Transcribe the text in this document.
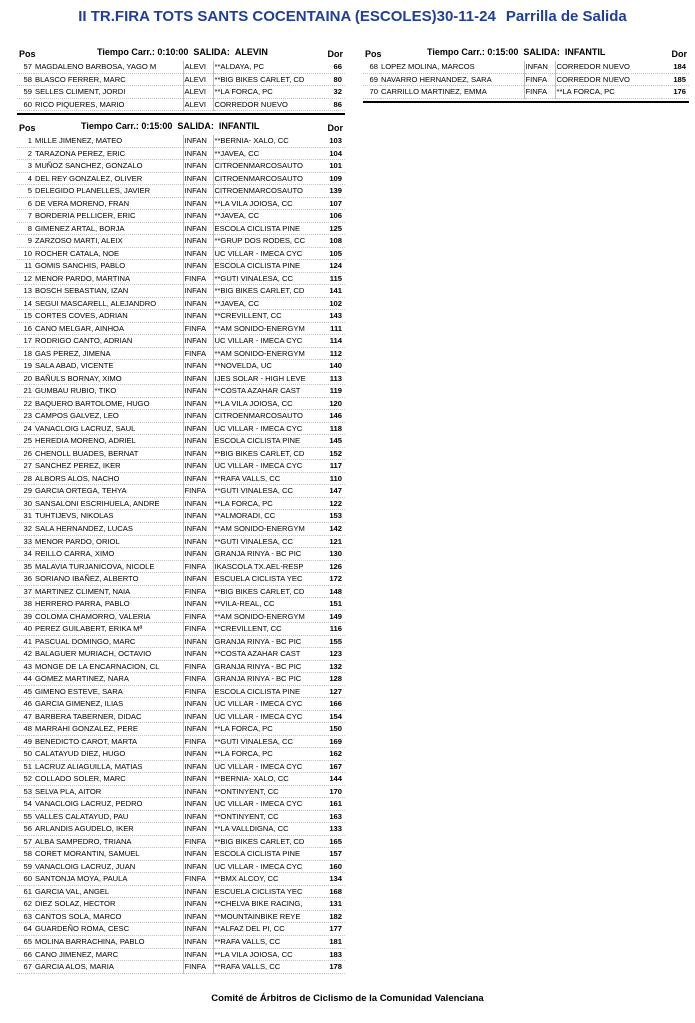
II TR.FIRA TOTS SANTS COCENTAINA (ESCOLES)30-11-24 Parrilla de Salida
Pos	Tiempo Carr.: 0:10:00 SALIDA: ALEVIN	Dor
57	MAGDALENO BARBOSA, YAGO M	ALEVI	**ALDAYA, PC	66
58	BLASCO FERRER, MARC	ALEVI	**BIG BIKES CARLET, CD	80
59	SELLES CLIMENT, JORDI	ALEVI	**LA FORCA, PC	32
60	RICO PIQUERES, MARIO	ALEVI	CORREDOR NUEVO	86
Pos	Tiempo Carr.: 0:15:00 SALIDA: INFANTIL	Dor
68	LOPEZ MOLINA, MARCOS	INFAN	CORREDOR NUEVO	184
69	NAVARRO HERNANDEZ, SARA	FINFA	CORREDOR NUEVO	185
70	CARRILLO MARTINEZ, EMMA	FINFA	**LA FORCA, PC	176
Pos	Tiempo Carr.: 0:15:00 SALIDA: INFANTIL	Dor
1	MILLE JIMENEZ, MATEO	INFAN	**BERNIA- XALO, CC	103
2	TARAZONA PEREZ, ERIC	INFAN	**JAVEA, CC	104
3	MUÑOZ SANCHEZ, GONZALO	INFAN	CITROENMARCOSAUTO	101
4	DEL REY GONZALEZ, OLIVER	INFAN	CITROENMARCOSAUTO	109
5	DELEGIDO PLANELLES, JAVIER	INFAN	CITROENMARCOSAUTO	139
6	DE VERA MORENO, FRAN	INFAN	**LA VILA JOIOSA, CC	107
7	BORDERIA PELLICER, ERIC	INFAN	**JAVEA, CC	106
8	GIMENEZ ARTAL, BORJA	INFAN	ESCOLA CICLISTA PINE	125
9	ZARZOSO MARTI, ALEIX	INFAN	**GRUP DOS RODES, CC	108
10	ROCHER CATALA, NOE	INFAN	UC VILLAR - IMECA CYC	105
11	GOMIS SANCHIS, PABLO	INFAN	ESCOLA CICLISTA PINE	124
12	MENOR PARDO, MARTINA	FINFA	**GUTI VINALESA, CC	115
13	BOSCH SEBASTIAN, IZAN	INFAN	**BIG BIKES CARLET, CD	141
14	SEGUI MASCARELL, ALEJANDRO	INFAN	**JAVEA, CC	102
15	CORTES COVES, ADRIAN	INFAN	**CREVILLENT, CC	143
16	CANO MELGAR, AINHOA	FINFA	**AM SONIDO-ENERGYM	111
17	RODRIGO CANTO, ADRIAN	INFAN	UC VILLAR - IMECA CYC	114
18	GAS PEREZ, JIMENA	FINFA	**AM SONIDO-ENERGYM	112
19	SALA ABAD, VICENTE	INFAN	**NOVELDA, UC	140
20	BAÑULS BORNAY, XIMO	INFAN	IJES SOLAR - HIGH LEVE	113
21	GUMBAU RUBIO, TIKO	INFAN	**COSTA AZAHAR CAST	119
22	BAQUERO BARTOLOME, HUGO	INFAN	**LA VILA JOIOSA, CC	120
23	CAMPOS GALVEZ, LEO	INFAN	CITROENMARCOSAUTO	146
24	VANACLOIG LACRUZ, SAUL	INFAN	UC VILLAR - IMECA CYC	118
25	HEREDIA MORENO, ADRIEL	INFAN	ESCOLA CICLISTA PINE	145
26	CHENOLL BUADES, BERNAT	INFAN	**BIG BIKES CARLET, CD	152
27	SANCHEZ PEREZ, IKER	INFAN	UC VILLAR - IMECA CYC	117
28	ALBORS ALOS, NACHO	INFAN	**RAFA VALLS, CC	110
29	GARCIA ORTEGA, TEHYA	FINFA	**GUTI VINALESA, CC	147
30	SANSALONI ESCRIHUELA, ANDRE	INFAN	**LA FORCA, PC	122
31	TUHTIJEVS, NIKOLAS	INFAN	**ALMORADI, CC	153
32	SALA HERNANDEZ, LUCAS	INFAN	**AM SONIDO-ENERGYM	142
33	MENOR PARDO, ORIOL	INFAN	**GUTI VINALESA, CC	121
34	REILLO CARRA, XIMO	INFAN	GRANJA RINYA - BC PIC	130
35	MALAVIA TURJANICOVA, NICOLE	FINFA	IKASCOLA TX.AEL-RESP	126
36	SORIANO IBAÑEZ, ALBERTO	INFAN	ESCUELA CICLISTA YEC	172
37	MARTINEZ CLIMENT, NAIA	FINFA	**BIG BIKES CARLET, CD	148
38	HERRERO PARRA, PABLO	INFAN	**VILA-REAL, CC	151
39	COLOMA CHAMORRO, VALERIA	FINFA	**AM SONIDO-ENERGYM	149
40	PEREZ GUILABERT, ERIKA Mª	FINFA	**CREVILLENT, CC	116
41	PASCUAL DOMINGO, MARC	INFAN	GRANJA RINYA - BC PIC	155
42	BALAGUER MURIACH, OCTAVIO	INFAN	**COSTA AZAHAR CAST	123
43	MONGE DE LA ENCARNACION, CL	FINFA	GRANJA RINYA - BC PIC	132
44	GOMEZ MARTINEZ, NARA	FINFA	GRANJA RINYA - BC PIC	128
45	GIMENO ESTEVE, SARA	FINFA	ESCOLA CICLISTA PINE	127
46	GARCIA GIMENEZ, ILIAS	INFAN	UC VILLAR - IMECA CYC	166
47	BARBERA TABERNER, DIDAC	INFAN	UC VILLAR - IMECA CYC	154
48	MARRAHI GONZALEZ, PERE	INFAN	**LA FORCA, PC	150
49	BENEDICTO CAROT, MARTA	FINFA	**GUTI VINALESA, CC	169
50	CALATAYUD DIEZ, HUGO	INFAN	**LA FORCA, PC	162
51	LACRUZ ALIAGUILLA, MATIAS	INFAN	UC VILLAR - IMECA CYC	167
52	COLLADO SOLER, MARC	INFAN	**BERNIA- XALO, CC	144
53	SELVA PLA, AITOR	INFAN	**ONTINYENT, CC	170
54	VANACLOIG LACRUZ, PEDRO	INFAN	UC VILLAR - IMECA CYC	161
55	VALLES CALATAYUD, PAU	INFAN	**ONTINYENT, CC	163
56	ARLANDIS AGUDELO, IKER	INFAN	**LA VALLDIGNA, CC	133
57	ALBA SAMPEDRO, TRIANA	FINFA	**BIG BIKES CARLET, CD	165
58	CORET MORANTIN, SAMUEL	INFAN	ESCOLA CICLISTA PINE	157
59	VANACLOIG LACRUZ, JUAN	INFAN	UC VILLAR - IMECA CYC	160
60	SANTONJA MOYA, PAULA	FINFA	**BMX ALCOY, CC	134
61	GARCIA VAL, ANGEL	INFAN	ESCUELA CICLISTA YEC	168
62	DIEZ SOLAZ, HECTOR	INFAN	**CHELVA BIKE RACING,	131
63	CANTOS SOLA, MARCO	INFAN	**MOUNTAINBIKE REYE	182
64	GUARDEÑO ROMA, CESC	INFAN	**ALFAZ DEL PI, CC	177
65	MOLINA BARRACHINA, PABLO	INFAN	**RAFA VALLS, CC	181
66	CANO JIMENEZ, MARC	INFAN	**LA VILA JOIOSA, CC	183
67	GARCIA ALOS, MARIA	FINFA	**RAFA VALLS, CC	178
Comité de Árbitros de Ciclismo de la Comunidad Valenciana
